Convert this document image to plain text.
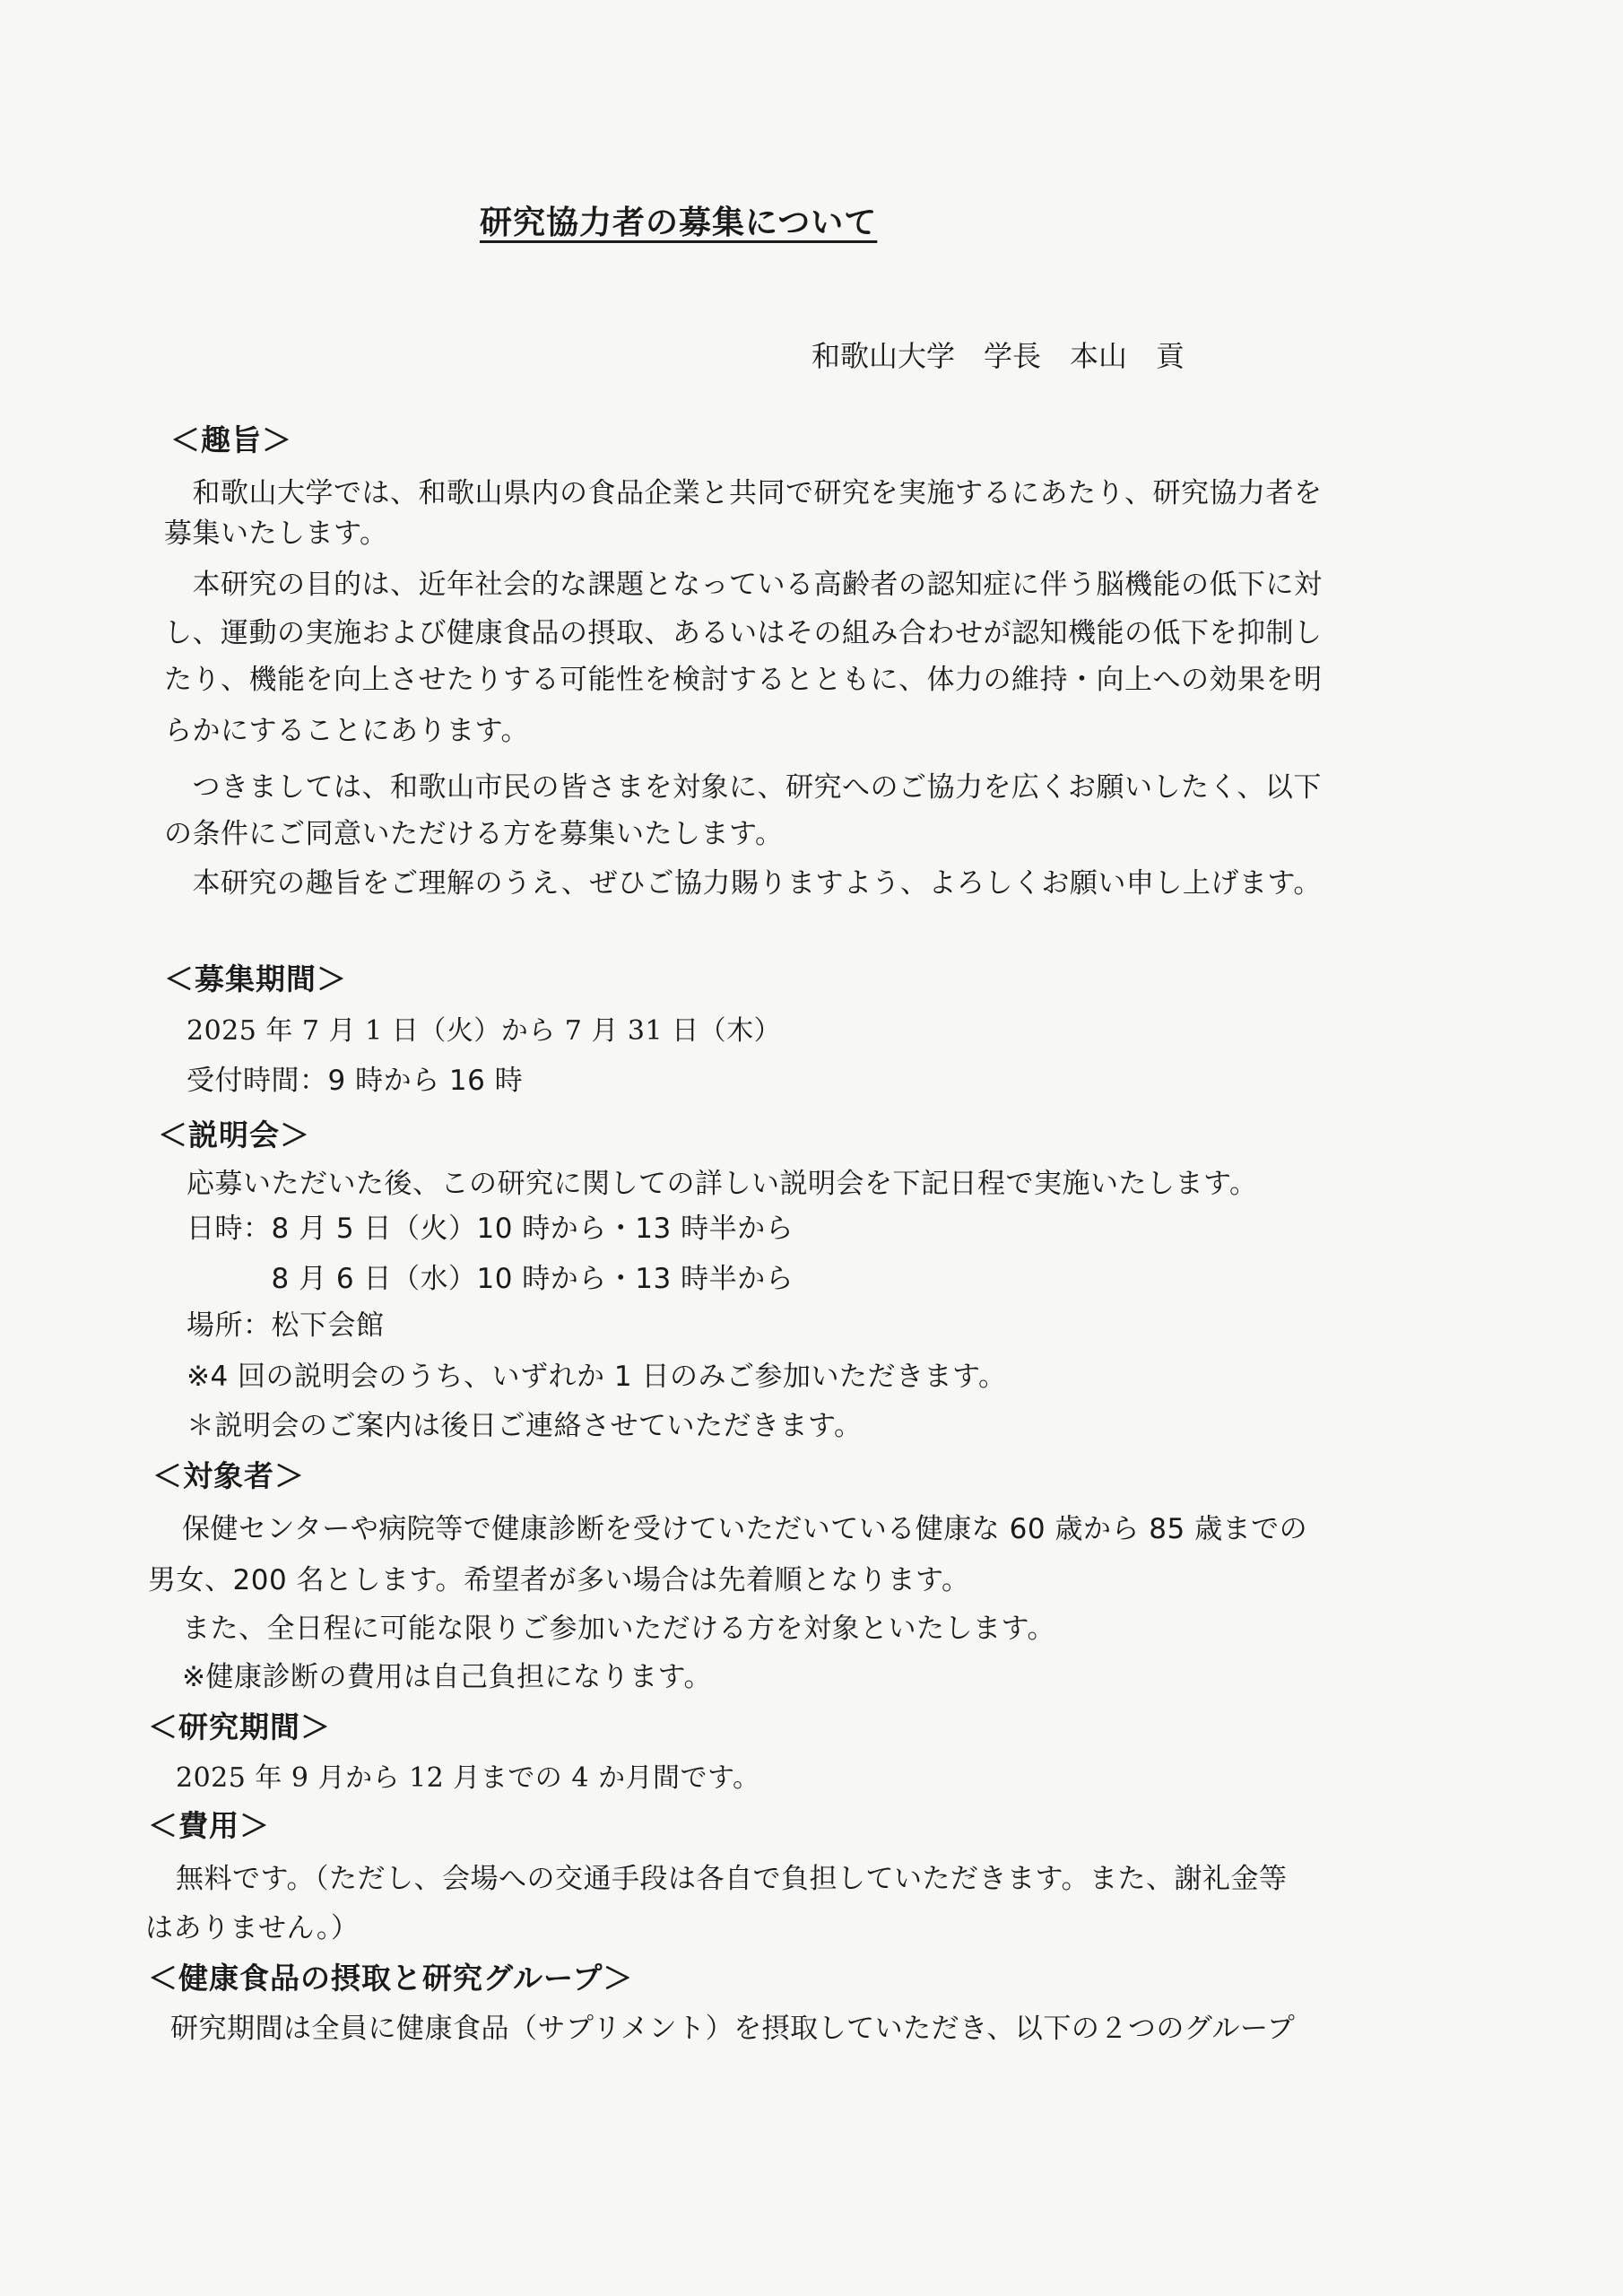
研究協力者の募集について
和歌山大学　学長　本山　貢
＜趣旨＞
　和歌山大学では、和歌山県内の食品企業と共同で研究を実施するにあたり、研究協力者を
募集いたします。
　本研究の目的は、近年社会的な課題となっている高齢者の認知症に伴う脳機能の低下に対
し、運動の実施および健康食品の摂取、あるいはその組み合わせが認知機能の低下を抑制し
たり、機能を向上させたりする可能性を検討するとともに、体力の維持・向上への効果を明
らかにすることにあります。
　つきましては、和歌山市民の皆さまを対象に、研究へのご協力を広くお願いしたく、以下
の条件にご同意いただける方を募集いたします。
　本研究の趣旨をご理解のうえ、ぜひご協力賜りますよう、よろしくお願い申し上げます。
＜募集期間＞
2025 年 7 月 1 日（火）から 7 月 31 日（木）
受付時間：9 時から 16 時
＜説明会＞
応募いただいた後、この研究に関しての詳しい説明会を下記日程で実施いたします。
日時：8 月 5 日（火）10 時から・13 時半から
　　　8 月 6 日（水）10 時から・13 時半から
場所：松下会館
※4 回の説明会のうち、いずれか 1 日のみご参加いただきます。
＊説明会のご案内は後日ご連絡させていただきます。
＜対象者＞
保健センターや病院等で健康診断を受けていただいている健康な 60 歳から 85 歳までの
男女、200 名とします。希望者が多い場合は先着順となります。
また、全日程に可能な限りご参加いただける方を対象といたします。
※健康診断の費用は自己負担になります。
＜研究期間＞
2025 年 9 月から 12 月までの 4 か月間です。
＜費用＞
無料です。（ただし、会場への交通手段は各自で負担していただきます。また、謝礼金等
はありません。）
＜健康食品の摂取と研究グループ＞
研究期間は全員に健康食品（サプリメント）を摂取していただき、以下の２つのグループ
